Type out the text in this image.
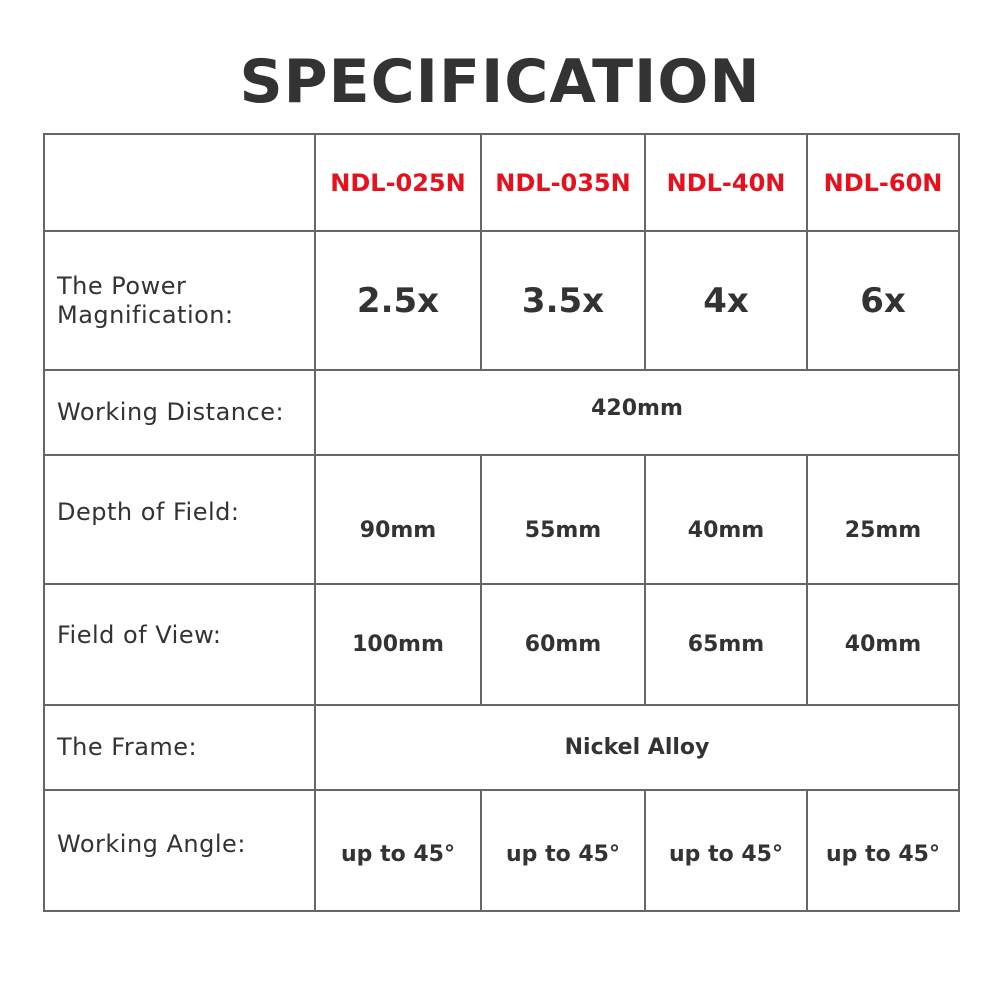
SPECIFICATION
	NDL-025N	NDL-035N	NDL-40N	NDL-60N

The Power Magnification:	2.5x	3.5x	4x	6x
Working Distance:	420mm			
Depth of Field:	90mm	55mm	40mm	25mm
Field of View:	100mm	60mm	65mm	40mm
The Frame:	Nickel Alloy			
Working Angle:	up to 45°	up to 45°	up to 45°	up to 45°
